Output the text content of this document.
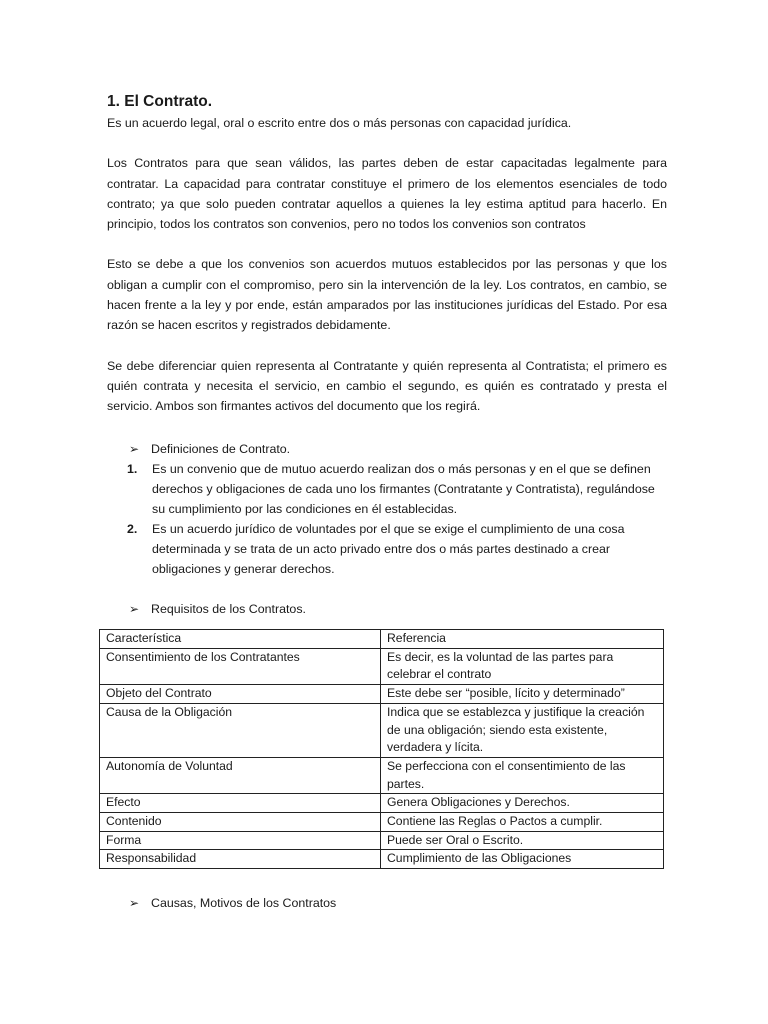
1. El Contrato.

Es un acuerdo legal, oral o escrito entre dos o más personas con capacidad jurídica.

Los Contratos para que sean válidos, las partes deben de estar capacitadas legalmente para contratar. La capacidad para contratar constituye el primero de los elementos esenciales de todo contrato; ya que solo pueden contratar aquellos a quienes la ley estima aptitud para hacerlo. En principio, todos los contratos son convenios, pero no todos los convenios son contratos

Esto se debe a que los convenios son acuerdos mutuos establecidos por las personas y que los obligan a cumplir con el compromiso, pero sin la intervención de la ley. Los contratos, en cambio, se hacen frente a la ley y por ende, están amparados por las instituciones jurídicas del Estado. Por esa razón se hacen escritos y registrados debidamente.

Se debe diferenciar quien representa al Contratante y quién representa al Contratista; el primero es quién contrata y necesita el servicio, en cambio el segundo, es quién es contratado y presta el servicio. Ambos son firmantes activos del documento que los regirá.

➢ Definiciones de Contrato.
1.	Es un convenio que de mutuo acuerdo realizan dos o más personas y en el que se definen derechos y obligaciones de cada uno los firmantes (Contratante y Contratista), regulándose su cumplimiento por las condiciones en él establecidas.
2.	Es un acuerdo jurídico de voluntades por el que se exige el cumplimiento de una cosa determinada y se trata de un acto privado entre dos o más partes destinado a crear obligaciones y generar derechos.
➢ Requisitos de los Contratos.
Característica	Referencia
Consentimiento de los Contratantes	Es decir, es la voluntad de las partes para celebrar el contrato
Objeto del Contrato	Este debe ser “posible, lícito y determinado”
Causa de la Obligación	Indica que se establezca y justifique la creación de una obligación; siendo esta existente, verdadera y lícita.
Autonomía de Voluntad	Se perfecciona con el consentimiento de las partes.
Efecto	Genera Obligaciones y Derechos.
Contenido	Contiene las Reglas o Pactos a cumplir.
Forma	Puede ser Oral o Escrito.
Responsabilidad	Cumplimiento de las Obligaciones
➢ Causas, Motivos de los Contratos
